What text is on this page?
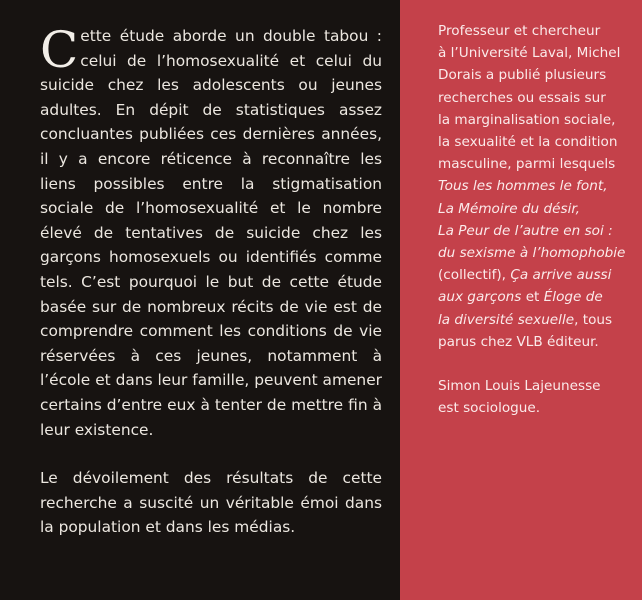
Cette étude aborde un double tabou : celui de l’homosexualité et celui du suicide chez les adolescents ou jeunes adultes. En dépit de statistiques assez concluantes publiées ces dernières années, il y a encore réticence à reconnaître les liens possibles entre la stigmatisation sociale de l’homosexualité et le nombre élevé de tentatives de suicide chez les garçons homosexuels ou identifiés comme tels. C’est pourquoi le but de cette étude basée sur de nombreux récits de vie est de comprendre comment les conditions de vie réservées à ces jeunes, notamment à l’école et dans leur famille, peuvent amener certains d’entre eux à tenter de mettre fin à leur existence.

Le dévoilement des résultats de cette recherche a suscité un véritable émoi dans la population et dans les médias.

Professeur et chercheur
à l’Université Laval, Michel
Dorais a publié plusieurs
recherches ou essais sur
la marginalisation sociale,
la sexualité et la condition
masculine, parmi lesquels
Tous les hommes le font,
La Mémoire du désir,
La Peur de l’autre en soi :
du sexisme à l’homophobie
(collectif), Ça arrive aussi
aux garçons et Éloge de
la diversité sexuelle, tous
parus chez VLB éditeur.

Simon Louis Lajeunesse
est sociologue.
